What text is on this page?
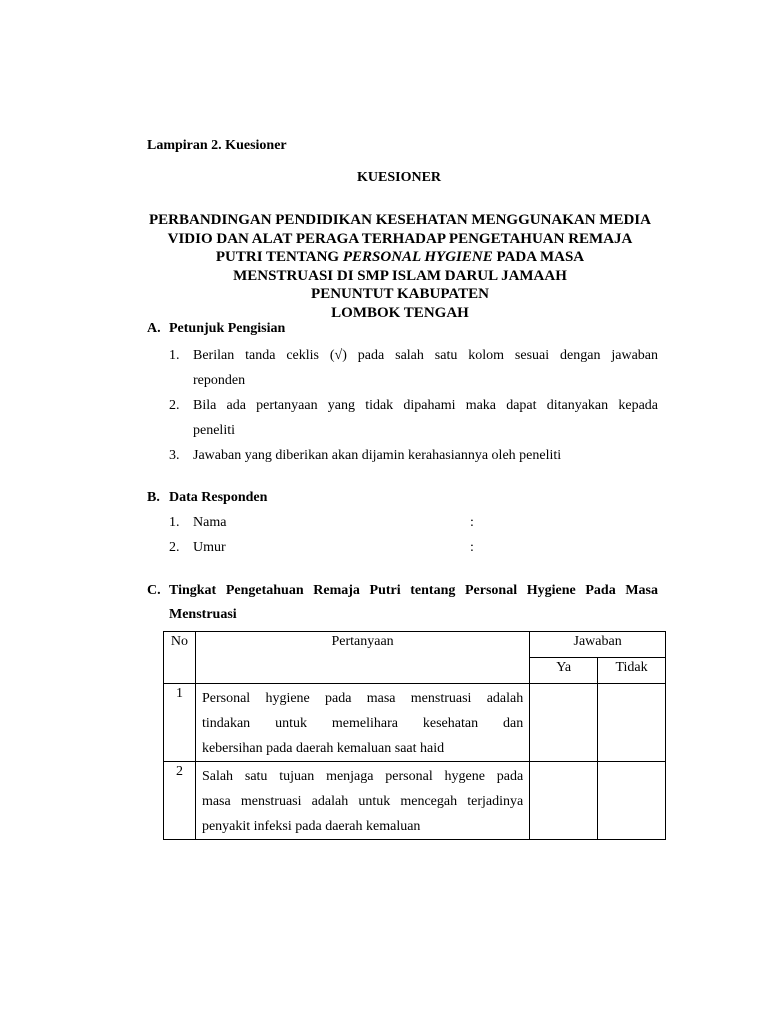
Lampiran 2. Kuesioner
KUESIONER
PERBANDINGAN PENDIDIKAN KESEHATAN MENGGUNAKAN MEDIA
VIDIO DAN ALAT PERAGA TERHADAP PENGETAHUAN REMAJA
PUTRI TENTANG PERSONAL HYGIENE PADA MASA
MENSTRUASI DI SMP ISLAM DARUL JAMAAH
PENUNTUT KABUPATEN
LOMBOK TENGAH
A. Petunjuk Pengisian
1. Berilan tanda ceklis (√) pada salah satu kolom sesuai dengan jawaban
reponden
2. Bila ada pertanyaan yang tidak dipahami maka dapat ditanyakan kepada
peneliti
3. Jawaban yang diberikan akan dijamin kerahasiannya oleh peneliti
B. Data Responden
1. Nama	:
2. Umur	:
C. Tingkat Pengetahuan Remaja Putri tentang Personal Hygiene Pada Masa
Menstruasi
No	Pertanyaan	Jawaban	
		Ya	Tidak
1	Personal hygiene pada masa menstruasi adalah
tindakan untuk memelihara kesehatan dan
kebersihan pada daerah kemaluan saat haid		

2	Salah satu tujuan menjaga personal hygene pada
masa menstruasi adalah untuk mencegah terjadinya
penyakit infeksi pada daerah kemaluan		
